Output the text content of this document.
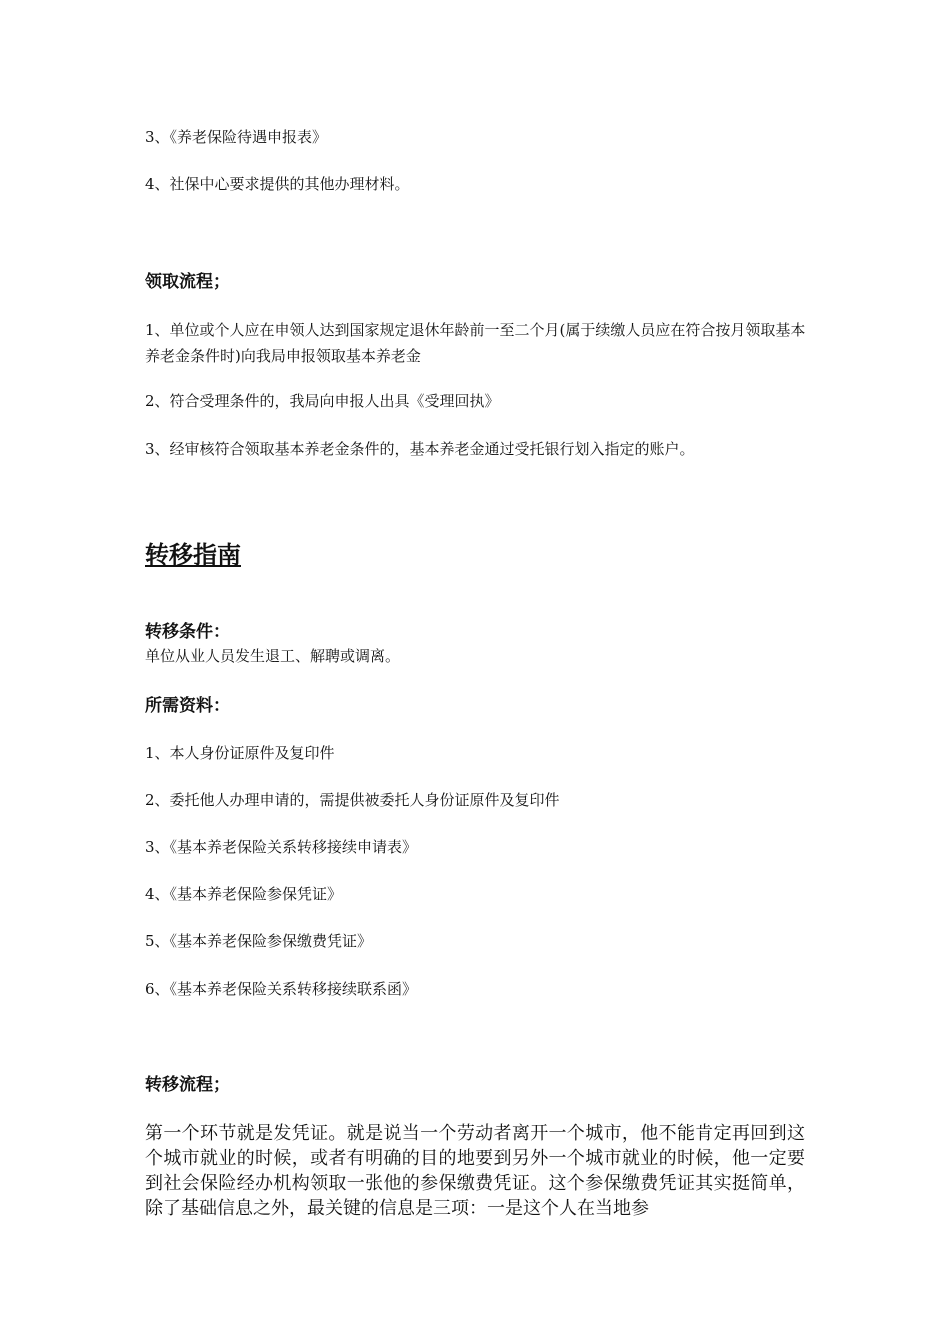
3、《养老保险待遇申报表》
4、社保中心要求提供的其他办理材料。
领取流程；
1、单位或个人应在申领人达到国家规定退休年龄前一至二个月(属于续缴人员应在符合按月领取基本养老金条件时)向我局申报领取基本养老金
2、符合受理条件的，我局向申报人出具《受理回执》
3、经审核符合领取基本养老金条件的，基本养老金通过受托银行划入指定的账户。
转移指南
转移条件：
单位从业人员发生退工、解聘或调离。
所需资料：
1、本人身份证原件及复印件
2、委托他人办理申请的，需提供被委托人身份证原件及复印件
3、《基本养老保险关系转移接续申请表》
4、《基本养老保险参保凭证》
5、《基本养老保险参保缴费凭证》
6、《基本养老保险关系转移接续联系函》
转移流程；
第一个环节就是发凭证。就是说当一个劳动者离开一个城市，他不能肯定再回到这个城市就业的时候，或者有明确的目的地要到另外一个城市就业的时候，他一定要到社会保险经办机构领取一张他的参保缴费凭证。这个参保缴费凭证其实挺简单，除了基础信息之外，最关键的信息是三项：一是这个人在当地参
